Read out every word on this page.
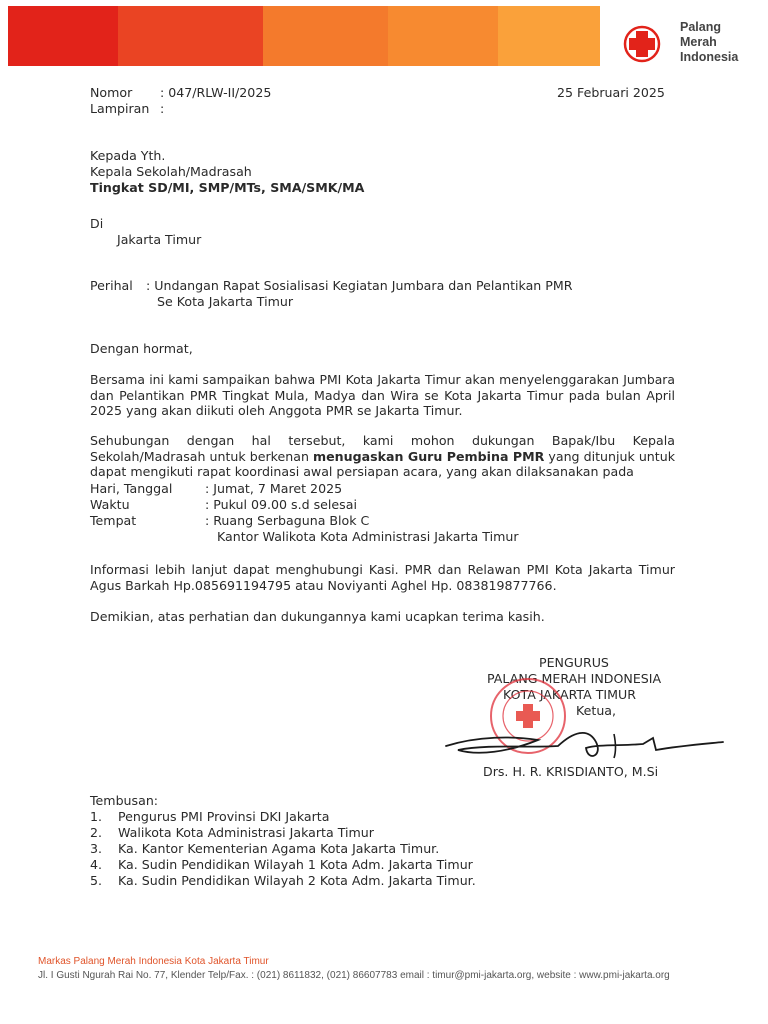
Palang
Merah
Indonesia
Nomor : 047/RLW-II/2025
Lampiran :
25 Februari 2025
Kepada Yth.
Kepala Sekolah/Madrasah
Tingkat SD/MI, SMP/MTs, SMA/SMK/MA
Di
Jakarta Timur
Perihal : Undangan Rapat Sosialisasi Kegiatan Jumbara dan Pelantikan PMR
Se Kota Jakarta Timur
Dengan hormat,
Bersama ini kami sampaikan bahwa PMI Kota Jakarta Timur akan menyelenggarakan Jumbara
dan Pelantikan PMR Tingkat Mula, Madya dan Wira se Kota Jakarta Timur pada bulan April
2025 yang akan diikuti oleh Anggota PMR se Jakarta Timur.
Sehubungan dengan hal tersebut, kami mohon dukungan Bapak/Ibu Kepala
Sekolah/Madrasah untuk berkenan menugaskan Guru Pembina PMR yang ditunjuk untuk
dapat mengikuti rapat koordinasi awal persiapan acara, yang akan dilaksanakan pada
Hari, Tanggal	: Jumat, 7 Maret 2025
Waktu	: Pukul 09.00 s.d selesai
Tempat	: Ruang Serbaguna Blok C
Kantor Walikota Kota Administrasi Jakarta Timur
Informasi lebih lanjut dapat menghubungi Kasi. PMR dan Relawan PMI Kota Jakarta Timur
Agus Barkah Hp.085691194795 atau Noviyanti Aghel Hp. 083819877766.
Demikian, atas perhatian dan dukungannya kami ucapkan terima kasih.
PENGURUS
PALANG MERAH INDONESIA
KOTA JAKARTA TIMUR
Ketua,
Drs. H. R. KRISDIANTO, M.Si
Tembusan:
1. Pengurus PMI Provinsi DKI Jakarta
2. Walikota Kota Administrasi Jakarta Timur
3. Ka. Kantor Kementerian Agama Kota Jakarta Timur.
4. Ka. Sudin Pendidikan Wilayah 1 Kota Adm. Jakarta Timur
5. Ka. Sudin Pendidikan Wilayah 2 Kota Adm. Jakarta Timur.
Markas Palang Merah Indonesia Kota Jakarta Timur
Jl. I Gusti Ngurah Rai No. 77, Klender Telp/Fax. : (021) 8611832, (021) 86607783 email : timur@pmi-jakarta.org, website : www.pmi-jakarta.org
